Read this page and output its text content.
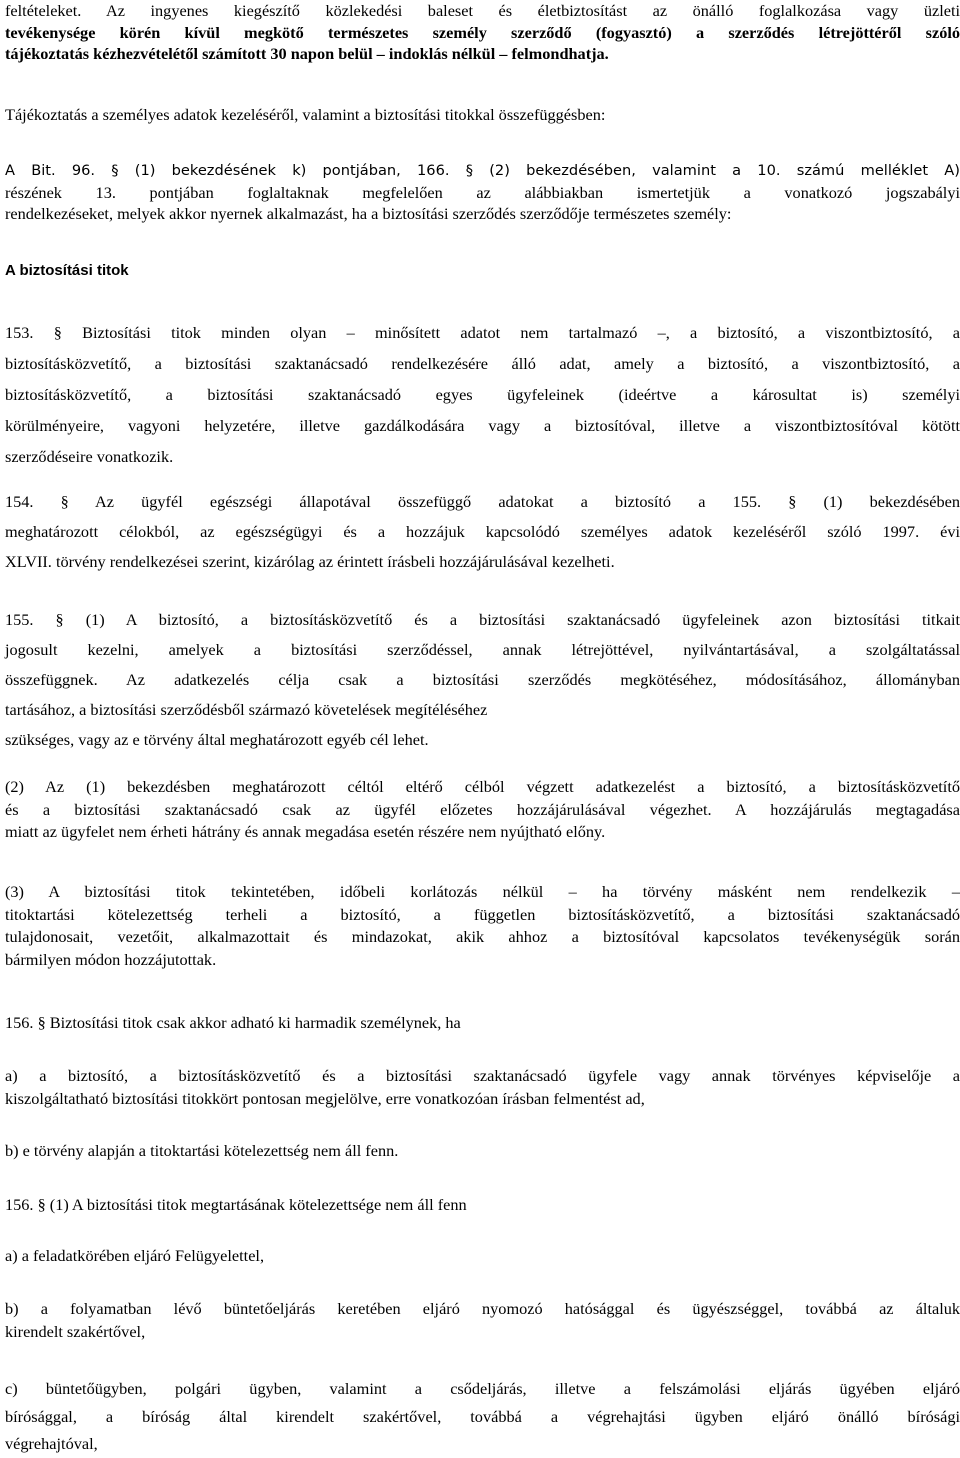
feltételeket. Az ingyenes kiegészítő közlekedési baleset és életbiztosítást az önálló foglalkozása vagy üzleti
tevékenysége körén kívül megkötő természetes személy szerződő (fogyasztó) a szerződés létrejöttéről szóló
tájékoztatás kézhezvételétől számított 30 napon belül – indoklás nélkül – felmondhatja.
Tájékoztatás a személyes adatok kezeléséről, valamint a biztosítási titokkal összefüggésben:
A Bit. 96. § (1) bekezdésének k) pontjában, 166. § (2) bekezdésében, valamint a 10. számú melléklet A)
részének 13. pontjában foglaltaknak megfelelően az alábbiakban ismertetjük a vonatkozó jogszabályi
rendelkezéseket, melyek akkor nyernek alkalmazást, ha a biztosítási szerződés szerződője természetes személy:
A biztosítási titok
153. § Biztosítási titok minden olyan – minősített adatot nem tartalmazó –, a biztosító, a viszontbiztosító, a
biztosításközvetítő, a biztosítási szaktanácsadó rendelkezésére álló adat, amely a biztosító, a viszontbiztosító, a
biztosításközvetítő, a biztosítási szaktanácsadó egyes ügyfeleinek (ideértve a károsultat is) személyi
körülményeire, vagyoni helyzetére, illetve gazdálkodására vagy a biztosítóval, illetve a viszontbiztosítóval kötött
szerződéseire vonatkozik.
154. § Az ügyfél egészségi állapotával összefüggő adatokat a biztosító a 155. § (1) bekezdésében
meghatározott célokból, az egészségügyi és a hozzájuk kapcsolódó személyes adatok kezeléséről szóló 1997. évi
XLVII. törvény rendelkezései szerint, kizárólag az érintett írásbeli hozzájárulásával kezelheti.
155. § (1) A biztosító, a biztosításközvetítő és a biztosítási szaktanácsadó ügyfeleinek azon biztosítási titkait
jogosult kezelni, amelyek a biztosítási szerződéssel, annak létrejöttével, nyilvántartásával, a szolgáltatással
összefüggnek. Az adatkezelés célja csak a biztosítási szerződés megkötéséhez, módosításához, állományban
tartásához, a biztosítási szerződésből származó követelések megítéléséhez
szükséges, vagy az e törvény által meghatározott egyéb cél lehet.
(2) Az (1) bekezdésben meghatározott céltól eltérő célból végzett adatkezelést a biztosító, a biztosításközvetítő
és a biztosítási szaktanácsadó csak az ügyfél előzetes hozzájárulásával végezhet. A hozzájárulás megtagadása
miatt az ügyfelet nem érheti hátrány és annak megadása esetén részére nem nyújtható előny.
(3) A biztosítási titok tekintetében, időbeli korlátozás nélkül – ha törvény másként nem rendelkezik –
titoktartási kötelezettség terheli a biztosító, a független biztosításközvetítő, a biztosítási szaktanácsadó
tulajdonosait, vezetőit, alkalmazottait és mindazokat, akik ahhoz a biztosítóval kapcsolatos tevékenységük során
bármilyen módon hozzájutottak.
156. § Biztosítási titok csak akkor adható ki harmadik személynek, ha
a) a biztosító, a biztosításközvetítő és a biztosítási szaktanácsadó ügyfele vagy annak törvényes képviselője a
kiszolgáltatható biztosítási titokkört pontosan megjelölve, erre vonatkozóan írásban felmentést ad,
b) e törvény alapján a titoktartási kötelezettség nem áll fenn.
156. § (1) A biztosítási titok megtartásának kötelezettsége nem áll fenn
a) a feladatkörében eljáró Felügyelettel,
b) a folyamatban lévő büntetőeljárás keretében eljáró nyomozó hatósággal és ügyészséggel, továbbá az általuk
kirendelt szakértővel,
c) büntetőügyben, polgári ügyben, valamint a csődeljárás, illetve a felszámolási eljárás ügyében eljáró
bírósággal, a bíróság által kirendelt szakértővel, továbbá a végrehajtási ügyben eljáró önálló bírósági
végrehajtóval,
